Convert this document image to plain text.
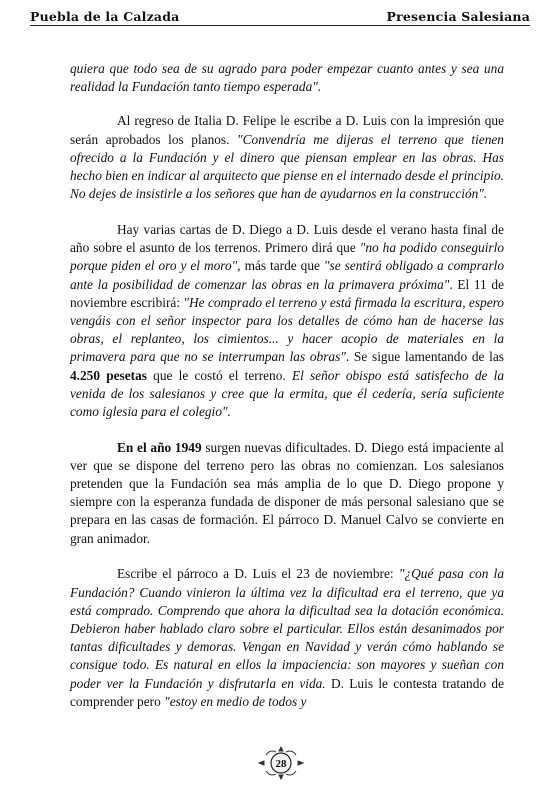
Puebla de la Calzada	Presencia Salesiana

quiera que todo sea de su agrado para poder empezar cuanto antes y sea una realidad la Fundación tanto tiempo esperada".

Al regreso de Italia D. Felipe le escribe a D. Luis con la impresión que serán aprobados los planos. "Convendría me dijeras el terreno que tienen ofrecido a la Fundación y el dinero que piensan emplear en las obras. Has hecho bien en indicar al arquitecto que piense en el internado desde el principio. No dejes de insistirle a los señores que han de ayudarnos en la construcción".

Hay varias cartas de D. Diego a D. Luis desde el verano hasta final de año sobre el asunto de los terrenos. Primero dirá que "no ha podido conseguirlo porque piden el oro y el moro", más tarde que "se sentirá obligado a comprarlo ante la posibilidad de comenzar las obras en la primavera próxima". El 11 de noviembre escribirá: "He comprado el terreno y está firmada la escritura, espero vengáis con el señor inspector para los detalles de cómo han de hacerse las obras, el replanteo, los cimientos... y hacer acopio de materiales en la primavera para que no se interrumpan las obras". Se sigue lamentando de las 4.250 pesetas que le costó el terreno. El señor obispo está satisfecho de la venida de los salesianos y cree que la ermita, que él cedería, sería suficiente como iglesia para el colegio".

En el año 1949 surgen nuevas dificultades. D. Diego está impaciente al ver que se dispone del terreno pero las obras no comienzan. Los salesianos pretenden que la Fundación sea más amplia de lo que D. Diego propone y siempre con la esperanza fundada de disponer de más personal salesiano que se prepara en las casas de formación. El párroco D. Manuel Calvo se convierte en gran animador.

Escribe el párroco a D. Luis el 23 de noviembre: "¿Qué pasa con la Fundación? Cuando vinieron la última vez la dificultad era el terreno, que ya está comprado. Comprendo que ahora la dificultad sea la dotación económica. Debieron haber hablado claro sobre el particular. Ellos están desanimados por tantas dificultades y demoras. Vengan en Navidad y verán cómo hablando se consigue todo. Es natural en ellos la impaciencia: son mayores y sueñan con poder ver la Fundación y disfrutarla en vida. D. Luis le contesta tratando de comprender pero "estoy en medio de todos y

28
